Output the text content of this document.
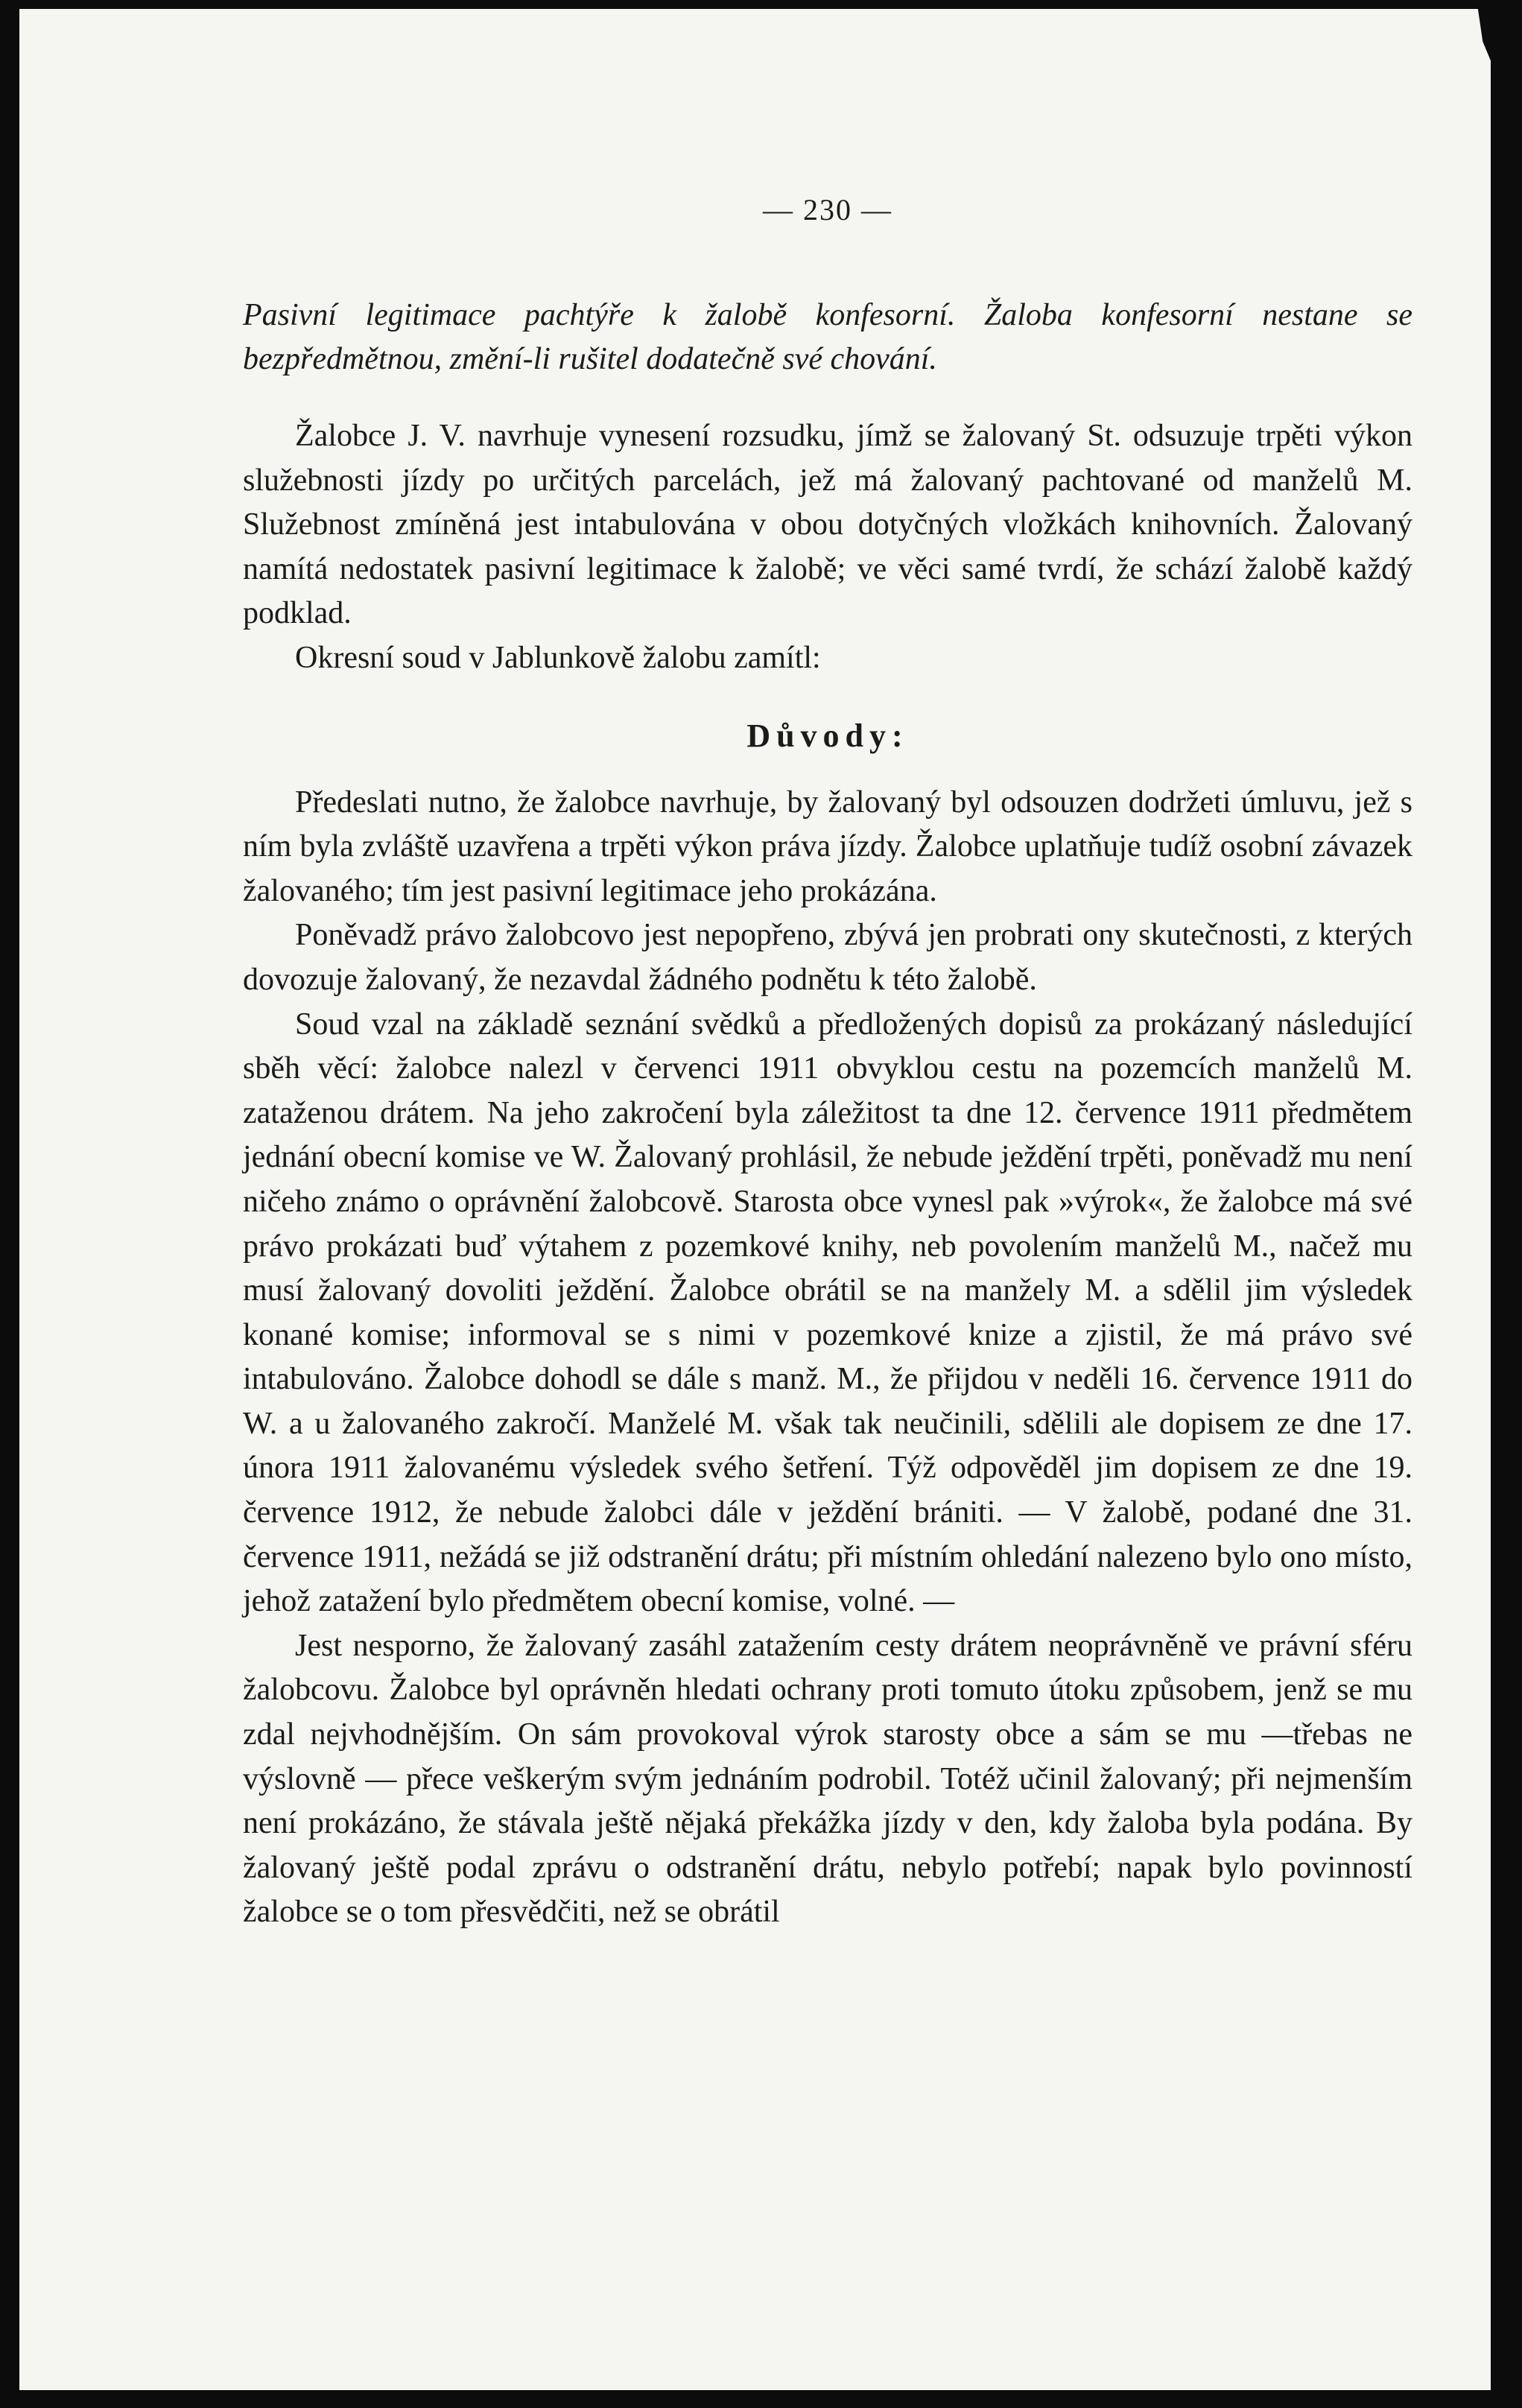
— 230 —

Pasivní legitimace pachtýře k žalobě konfesorní. Žaloba konfesorní nestane se bezpředmětnou, změní-li rušitel dodatečně své chování.

Žalobce J. V. navrhuje vynesení rozsudku, jímž se žalovaný St. odsuzuje trpěti výkon služebnosti jízdy po určitých parcelách, jež má žalovaný pachtované od manželů M. Služebnost zmíněná jest intabulována v obou dotyčných vložkách knihovních. Žalovaný namítá nedostatek pasivní legitimace k žalobě; ve věci samé tvrdí, že schází žalobě každý podklad.

Okresní soud v Jablunkově žalobu zamítl:

Důvody:

Předeslati nutno, že žalobce navrhuje, by žalovaný byl odsouzen dodržeti úmluvu, jež s ním byla zvláště uzavřena a trpěti výkon práva jízdy. Žalobce uplatňuje tudíž osobní závazek žalovaného; tím jest pasivní legitimace jeho prokázána.

Poněvadž právo žalobcovo jest nepopřeno, zbývá jen probrati ony skutečnosti, z kterých dovozuje žalovaný, že nezavdal žádného podnětu k této žalobě.

Soud vzal na základě seznání svědků a předložených dopisů za prokázaný následující sběh věcí: žalobce nalezl v červenci 1911 obvyklou cestu na pozemcích manželů M. zataženou drátem. Na jeho zakročení byla záležitost ta dne 12. července 1911 předmětem jednání obecní komise ve W. Žalovaný prohlásil, že nebude ježdění trpěti, poněvadž mu není ničeho známo o oprávnění žalobcově. Starosta obce vynesl pak »výrok«, že žalobce má své právo prokázati buď výtahem z pozemkové knihy, neb povolením manželů M., načež mu musí žalovaný dovoliti ježdění. Žalobce obrátil se na manžely M. a sdělil jim výsledek konané komise; informoval se s nimi v pozemkové knize a zjistil, že má právo své intabulováno. Žalobce dohodl se dále s manž. M., že přijdou v neděli 16. července 1911 do W. a u žalovaného zakročí. Manželé M. však tak neučinili, sdělili ale dopisem ze dne 17. února 1911 žalovanému výsledek svého šetření. Týž odpověděl jim dopisem ze dne 19. července 1912, že nebude žalobci dále v ježdění brániti. — V žalobě, podané dne 31. července 1911, nežádá se již odstranění drátu; při místním ohledání nalezeno bylo ono místo, jehož zatažení bylo předmětem obecní komise, volné. —

Jest nesporno, že žalovaný zasáhl zatažením cesty drátem neoprávněně ve právní sféru žalobcovu. Žalobce byl oprávněn hledati ochrany proti tomuto útoku způsobem, jenž se mu zdal nejvhodnějším. On sám provokoval výrok starosty obce a sám se mu —třebas ne výslovně — přece veškerým svým jednáním podrobil. Totéž učinil žalovaný; při nejmenším není prokázáno, že stávala ještě nějaká překážka jízdy v den, kdy žaloba byla podána. By žalovaný ještě podal zprávu o odstranění drátu, nebylo potřebí; napak bylo povinností žalobce se o tom přesvědčiti, než se obrátil
